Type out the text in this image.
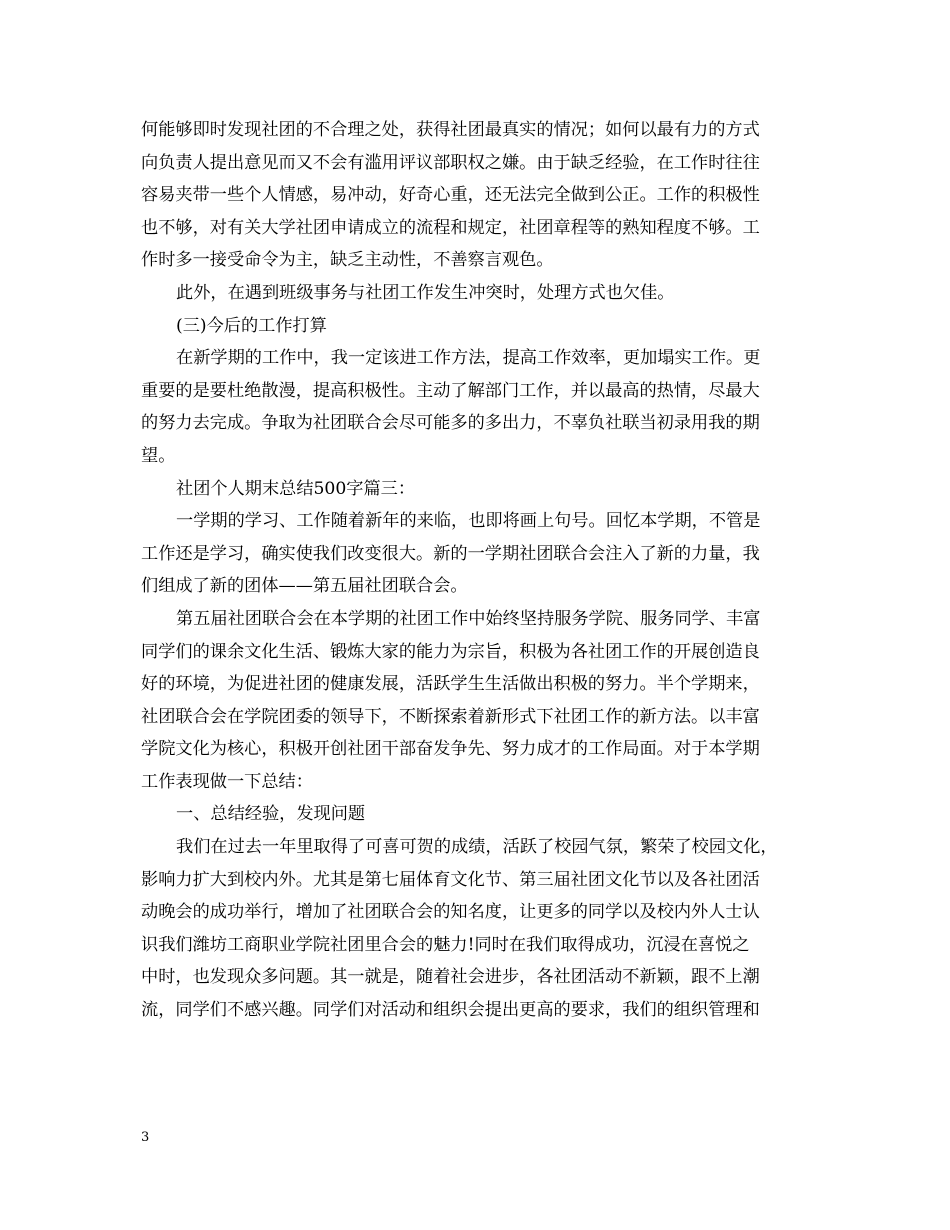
何能够即时发现社团的不合理之处，获得社团最真实的情况；如何以最有力的方式
向负责人提出意见而又不会有滥用评议部职权之嫌。由于缺乏经验，在工作时往往
容易夹带一些个人情感，易冲动，好奇心重，还无法完全做到公正。工作的积极性
也不够，对有关大学社团申请成立的流程和规定，社团章程等的熟知程度不够。工
作时多一接受命令为主，缺乏主动性，不善察言观色。
此外，在遇到班级事务与社团工作发生冲突时，处理方式也欠佳。
(三)今后的工作打算
在新学期的工作中，我一定该进工作方法，提高工作效率，更加塌实工作。更
重要的是要杜绝散漫，提高积极性。主动了解部门工作，并以最高的热情，尽最大
的努力去完成。争取为社团联合会尽可能多的多出力，不辜负社联当初录用我的期
望。
社团个人期末总结500字篇三：
一学期的学习、工作随着新年的来临，也即将画上句号。回忆本学期，不管是
工作还是学习，确实使我们改变很大。新的一学期社团联合会注入了新的力量，我
们组成了新的团体——第五届社团联合会。
第五届社团联合会在本学期的社团工作中始终坚持服务学院、服务同学、丰富
同学们的课余文化生活、锻炼大家的能力为宗旨，积极为各社团工作的开展创造良
好的环境，为促进社团的健康发展，活跃学生生活做出积极的努力。半个学期来，
社团联合会在学院团委的领导下，不断探索着新形式下社团工作的新方法。以丰富
学院文化为核心，积极开创社团干部奋发争先、努力成才的工作局面。对于本学期
工作表现做一下总结：
一、总结经验，发现问题
我们在过去一年里取得了可喜可贺的成绩，活跃了校园气氛，繁荣了校园文化，
影响力扩大到校内外。尤其是第七届体育文化节、第三届社团文化节以及各社团活
动晚会的成功举行，增加了社团联合会的知名度，让更多的同学以及校内外人士认
识我们潍坊工商职业学院社团里合会的魅力!同时在我们取得成功，沉浸在喜悦之
中时，也发现众多问题。其一就是，随着社会进步，各社团活动不新颖，跟不上潮
流，同学们不感兴趣。同学们对活动和组织会提出更高的要求，我们的组织管理和
3
